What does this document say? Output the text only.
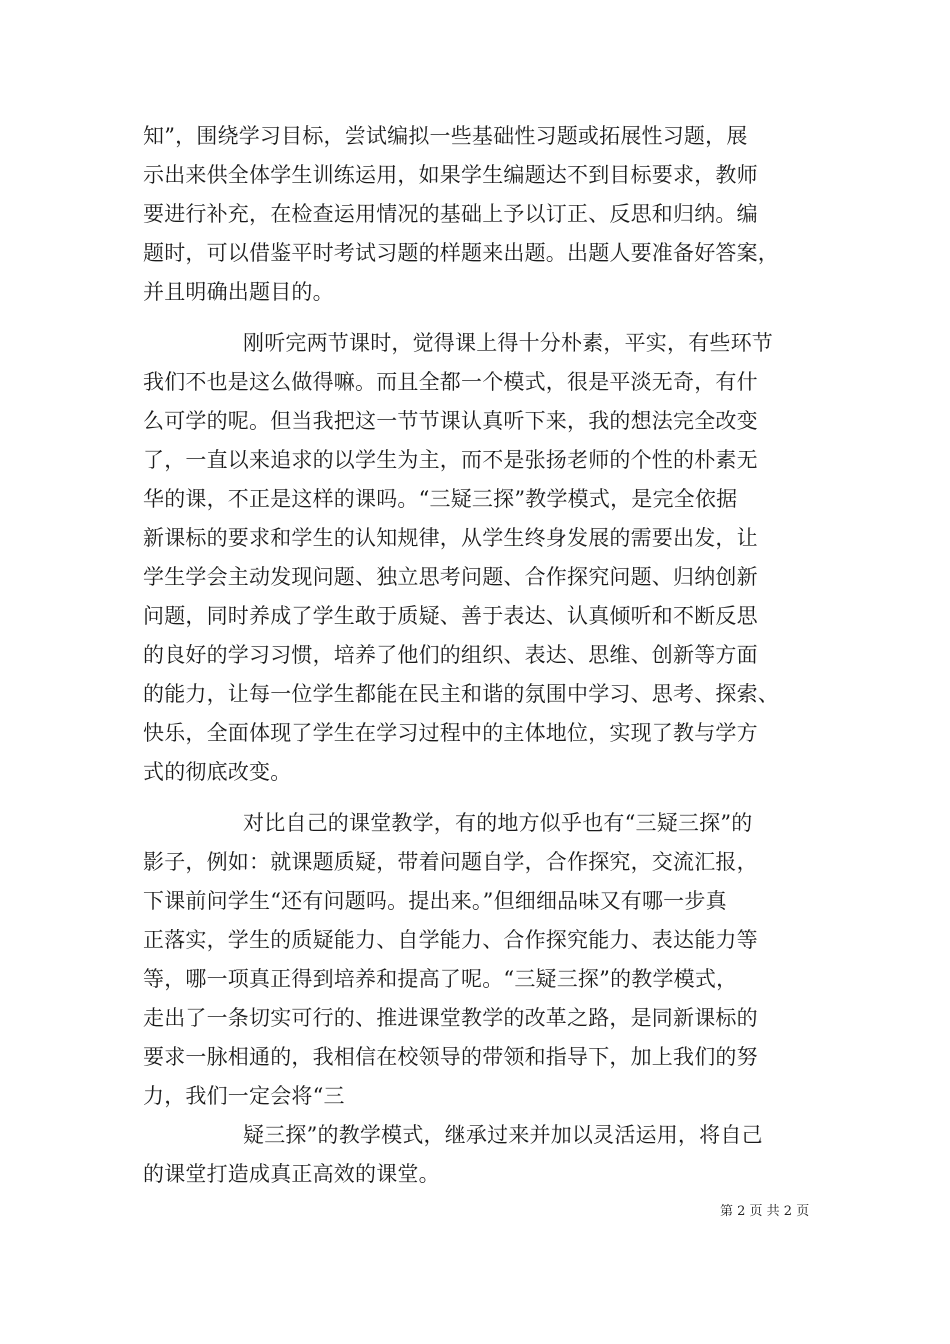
知”，围绕学习目标，尝试编拟一些基础性习题或拓展性习题，展
示出来供全体学生训练运用，如果学生编题达不到目标要求，教师
要进行补充，在检查运用情况的基础上予以订正、反思和归纳。编
题时，可以借鉴平时考试习题的样题来出题。出题人要准备好答案，
并且明确出题目的。
刚听完两节课时，觉得课上得十分朴素，平实，有些环节
我们不也是这么做得嘛。而且全都一个模式，很是平淡无奇，有什
么可学的呢。但当我把这一节节课认真听下来，我的想法完全改变
了，一直以来追求的以学生为主，而不是张扬老师的个性的朴素无
华的课，不正是这样的课吗。“三疑三探”教学模式，是完全依据
新课标的要求和学生的认知规律，从学生终身发展的需要出发，让
学生学会主动发现问题、独立思考问题、合作探究问题、归纳创新
问题，同时养成了学生敢于质疑、善于表达、认真倾听和不断反思
的良好的学习习惯，培养了他们的组织、表达、思维、创新等方面
的能力，让每一位学生都能在民主和谐的氛围中学习、思考、探索、
快乐，全面体现了学生在学习过程中的主体地位，实现了教与学方
式的彻底改变。
对比自己的课堂教学，有的地方似乎也有“三疑三探”的
影子，例如：就课题质疑，带着问题自学，合作探究，交流汇报，
下课前问学生“还有问题吗。提出来。”但细细品味又有哪一步真
正落实，学生的质疑能力、自学能力、合作探究能力、表达能力等
等，哪一项真正得到培养和提高了呢。“三疑三探”的教学模式，
走出了一条切实可行的、推进课堂教学的改革之路，是同新课标的
要求一脉相通的，我相信在校领导的带领和指导下，加上我们的努
力，我们一定会将“三
疑三探”的教学模式，继承过来并加以灵活运用，将自己
的课堂打造成真正高效的课堂。
第 2 页 共 2 页
